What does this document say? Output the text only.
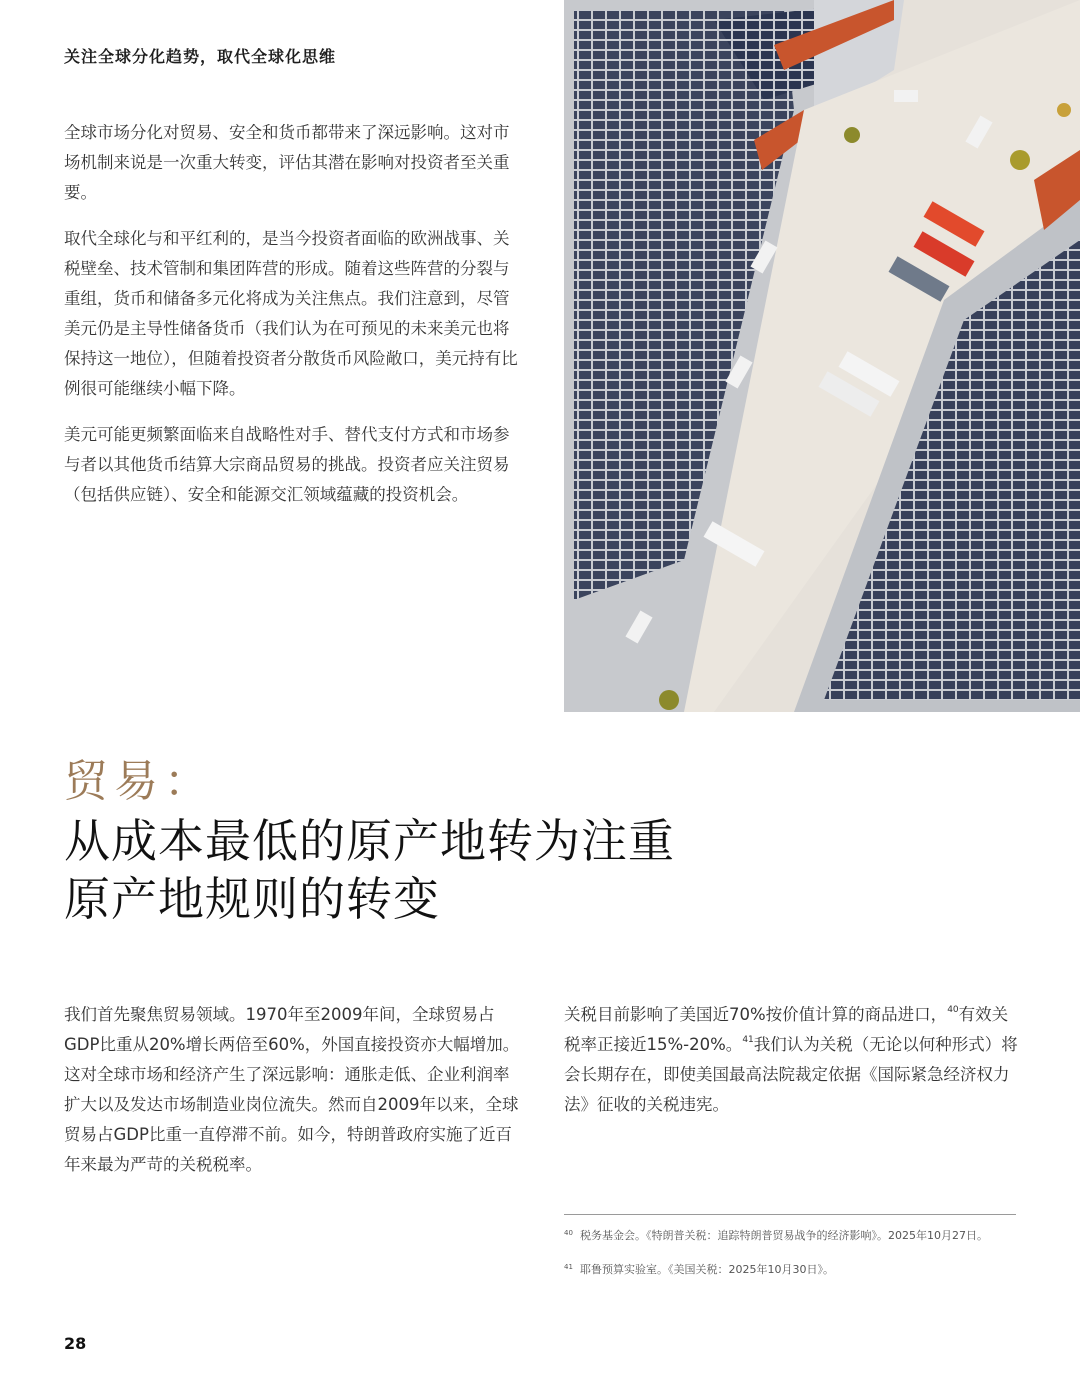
关注全球分化趋势，取代全球化思维

全球市场分化对贸易、安全和货币都带来了深远影响。这对市场机制来说是一次重大转变，评估其潜在影响对投资者至关重要。

取代全球化与和平红利的，是当今投资者面临的欧洲战事、关税壁垒、技术管制和集团阵营的形成。随着这些阵营的分裂与重组，货币和储备多元化将成为关注焦点。我们注意到，尽管美元仍是主导性储备货币（我们认为在可预见的未来美元也将保持这一地位），但随着投资者分散货币风险敞口，美元持有比例很可能继续小幅下降。

美元可能更频繁面临来自战略性对手、替代支付方式和市场参与者以其他货币结算大宗商品贸易的挑战。投资者应关注贸易（包括供应链）、安全和能源交汇领域蕴藏的投资机会。

贸易：
从成本最低的原产地转为注重
原产地规则的转变

我们首先聚焦贸易领域。1970年至2009年间，全球贸易占GDP比重从20%增长两倍至60%，外国直接投资亦大幅增加。这对全球市场和经济产生了深远影响：通胀走低、企业利润率扩大以及发达市场制造业岗位流失。然而自2009年以来，全球贸易占GDP比重一直停滞不前。如今，特朗普政府实施了近百年来最为严苛的关税税率。

关税目前影响了美国近70%按价值计算的商品进口，$^{40}$有效关税率正接近15%-20%。$^{41}$我们认为关税（无论以何种形式）将会长期存在，即使美国最高法院裁定依据《国际紧急经济权力法》征收的关税违宪。

40 税务基金会。《特朗普关税：追踪特朗普贸易战争的经济影响》。2025年10月27日。
41 耶鲁预算实验室。《美国关税：2025年10月30日》。
28
